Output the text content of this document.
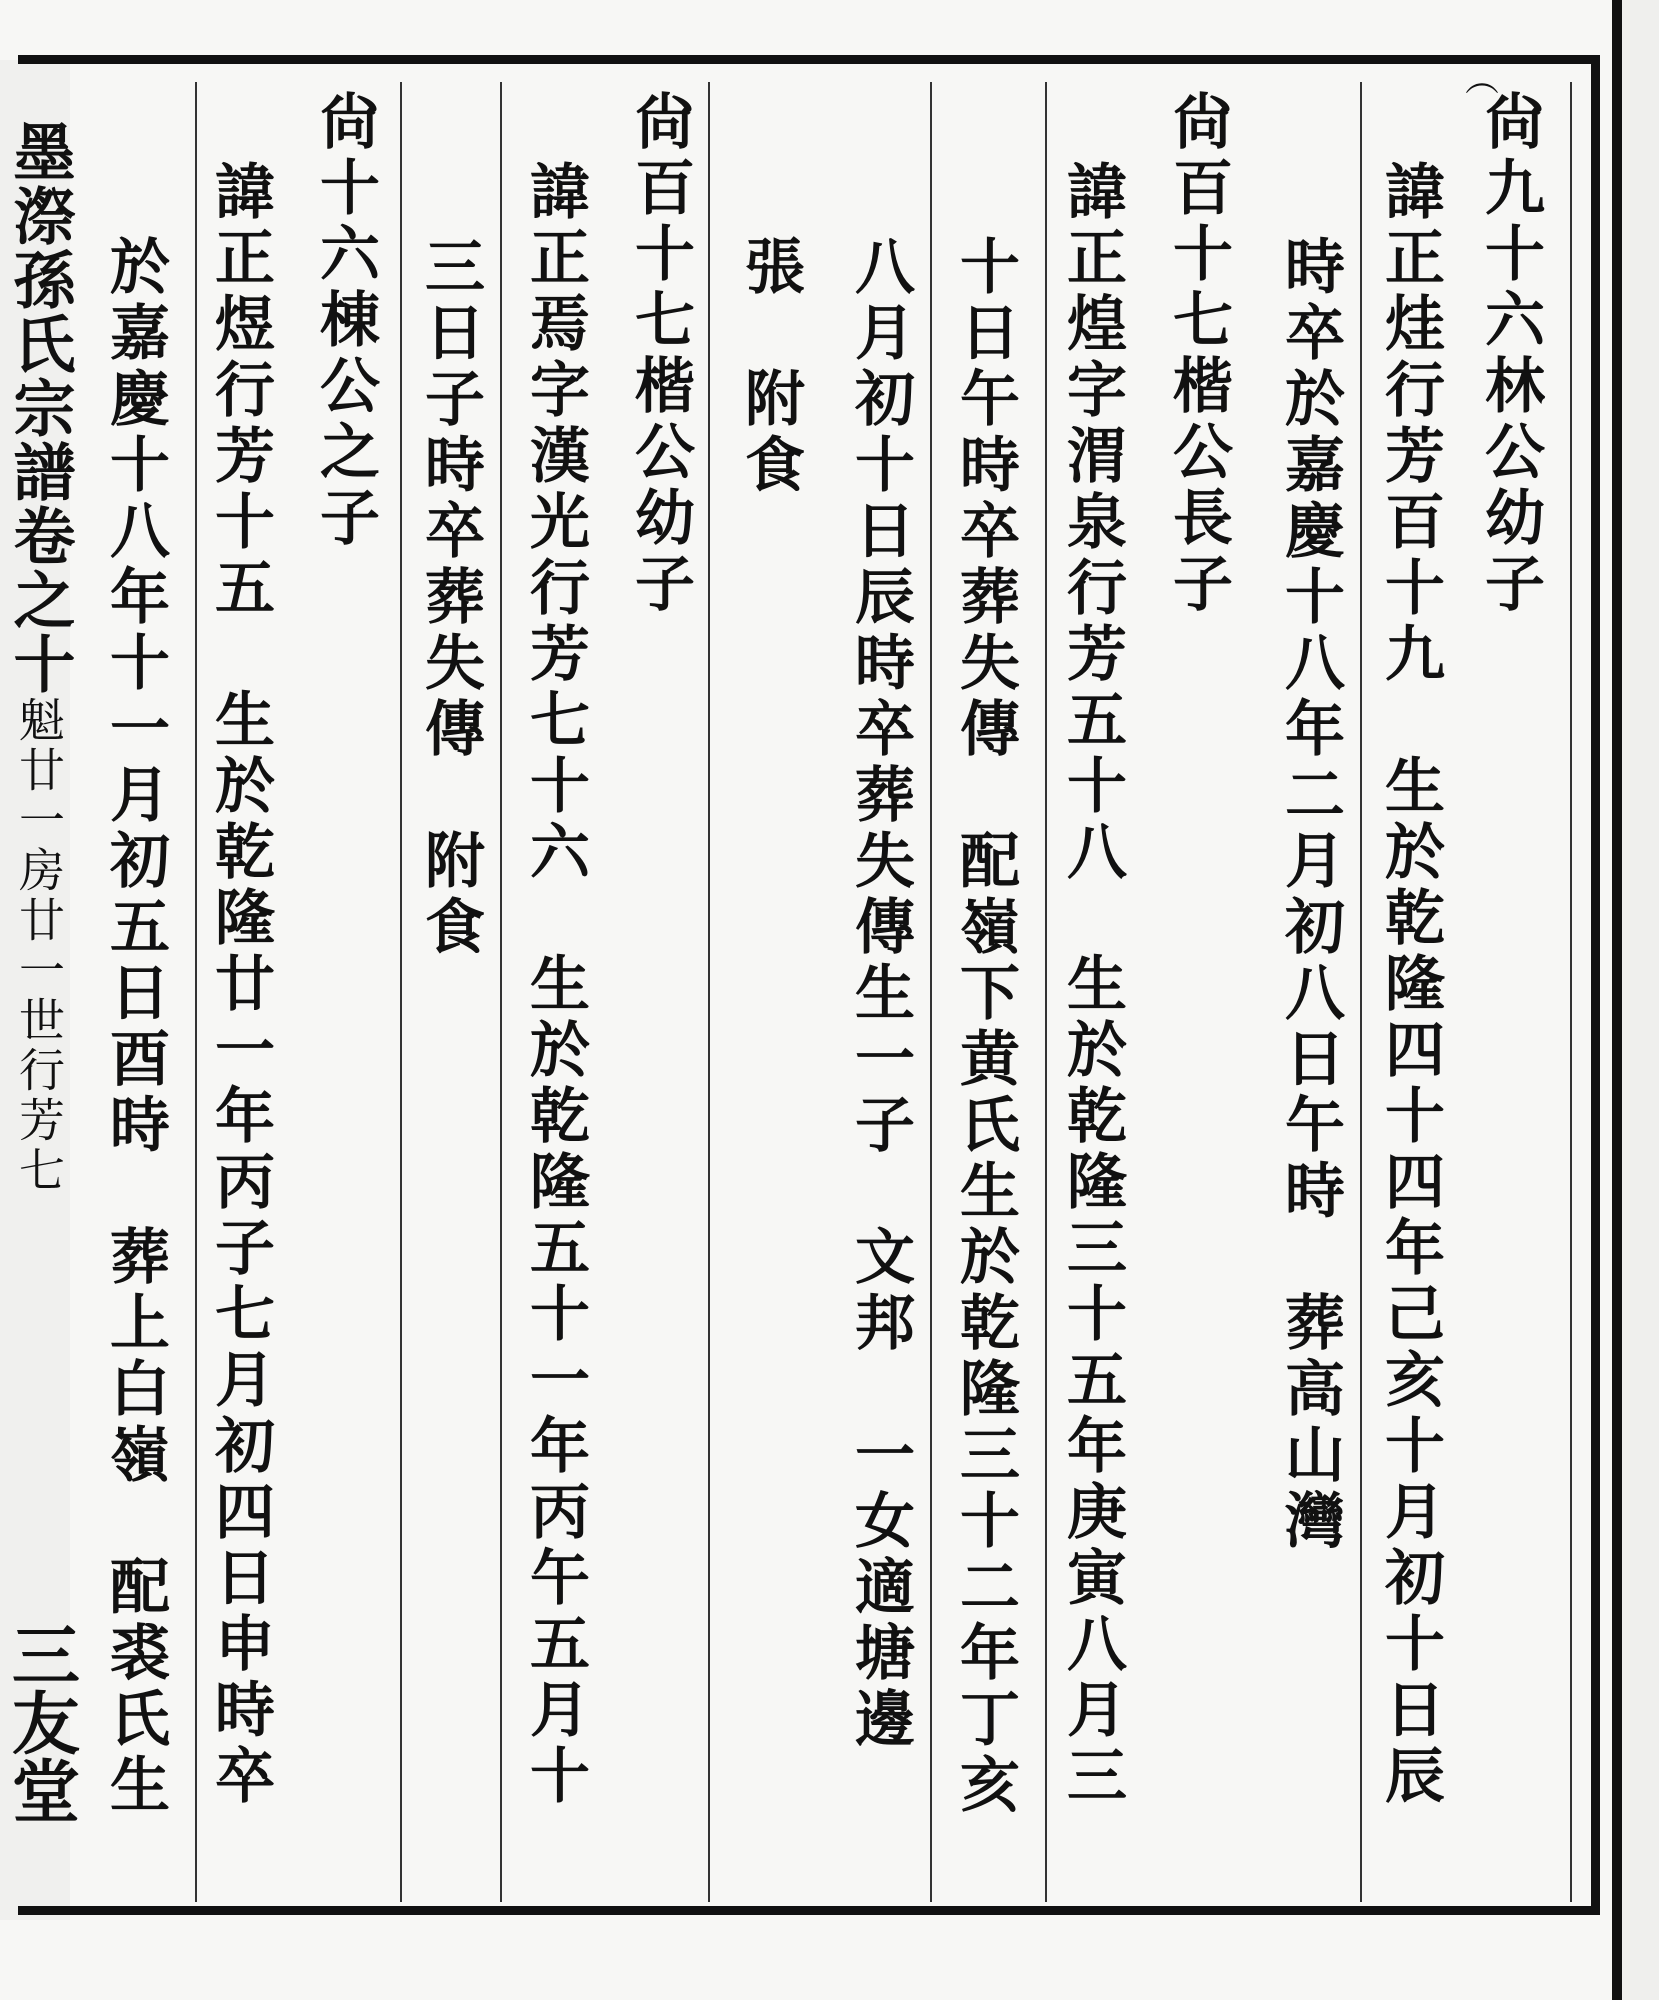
︵
尙九十六林公幼子
諱正烓行芳百十九　生於乾隆四十四年己亥十月初十日辰
時卒於嘉慶十八年二月初八日午時　葬高山灣
尙百十七楷公長子
諱正煌字渭泉行芳五十八　生於乾隆三十五年庚寅八月三
十日午時卒葬失傳　配嶺下黄氏生於乾隆三十二年丁亥
八月初十日辰時卒葬失傳生一子　文邦　一女適塘邊
張　附食
尙百十七楷公幼子
諱正焉字漢光行芳七十六　生於乾隆五十一年丙午五月十
三日子時卒葬失傳　附食
尙十六棟公之子
諱正煜行芳十五　生於乾隆廿一年丙子七月初四日申時卒
於嘉慶十八年十一月初五日酉時　葬上白嶺　配裘氏生
墨漈孫氏宗譜卷之十魁廿一房廿一世行芳七
三友堂
